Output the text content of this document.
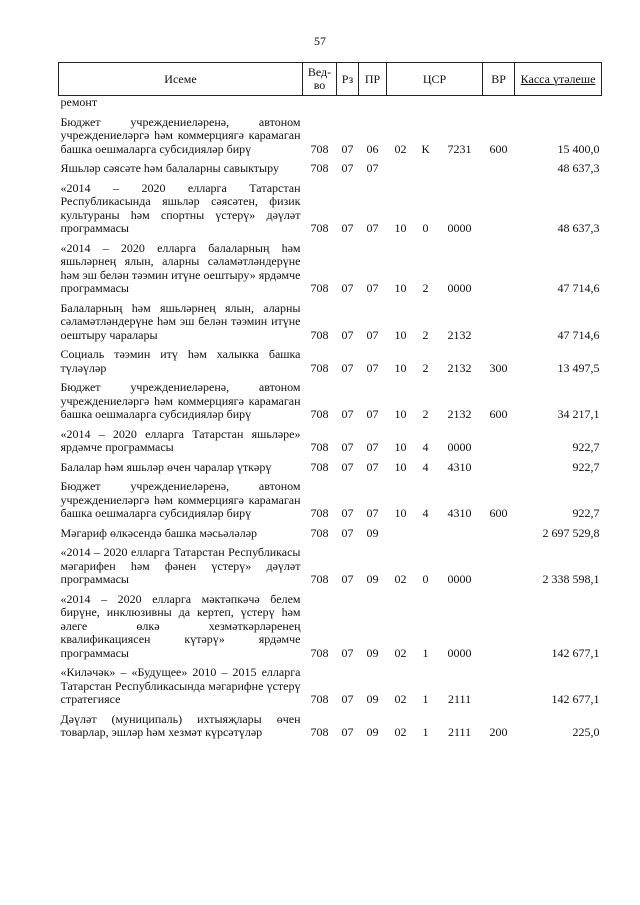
57
Исеме	Вед-во	Рз	ПР	ЦСР			ВР	Касса үтәлеше
ремонт								
Бюджет учреждениеләренә, автоном учреждениеләргә һәм коммерциягә карамаган башка оешмаларга субсидияләр бирү	708	07	06	02	К	7231	600	15 400,0
Яшьләр сәясәте һәм балаларны савыктыру	708	07	07					48 637,3
«2014 – 2020 елларга Татарстан Республикасында яшьләр сәясәтен, физик культураны һәм спортны үстерү» дәүләт программасы	708	07	07	10	0	0000		48 637,3
«2014 – 2020 елларга балаларның һәм яшьләрнең ялын, аларны сәламәтләндерүне һәм эш белән тәэмин итүне оештыру» ярдәмче программасы	708	07	07	10	2	0000		47 714,6
Балаларның һәм яшьләрнең ялын, аларны сәламәтләндерүне һәм эш белән тәэмин итүне оештыру чаралары	708	07	07	10	2	2132		47 714,6
Социаль тәэмин итү һәм халыкка башка түләүләр	708	07	07	10	2	2132	300	13 497,5
Бюджет учреждениеләренә, автоном учреждениеләргә һәм коммерциягә карамаган башка оешмаларга субсидияләр бирү	708	07	07	10	2	2132	600	34 217,1
«2014 – 2020 елларга Татарстан яшьләре» ярдәмче программасы	708	07	07	10	4	0000		922,7
Балалар һәм яшьләр өчен чаралар үткәрү	708	07	07	10	4	4310		922,7
Бюджет учреждениеләренә, автоном учреждениеләргә һәм коммерциягә карамаган башка оешмаларга субсидияләр бирү	708	07	07	10	4	4310	600	922,7
Мәгариф өлкәсендә башка мәсьәләләр	708	07	09					2 697 529,8
«2014 – 2020 елларга Татарстан Республикасы мәгарифен һәм фәнен үстерү» дәүләт программасы	708	07	09	02	0	0000		2 338 598,1
«2014 – 2020 елларга мәктәпкәчә белем бирүне, инклюзивны да кертеп, үстерү һәм әлеге өлкә хезмәткәрләренең квалификациясен күтәрү» ярдәмче программасы	708	07	09	02	1	0000		142 677,1
«Киләчәк» – «Будущее» 2010 – 2015 елларга Татарстан Республикасында мәгарифне үстерү стратегиясе	708	07	09	02	1	2111		142 677,1
Дәүләт (муниципаль) ихтыяҗлары өчен товарлар, эшләр һәм хезмәт күрсәтүләр	708	07	09	02	1	2111	200	225,0
